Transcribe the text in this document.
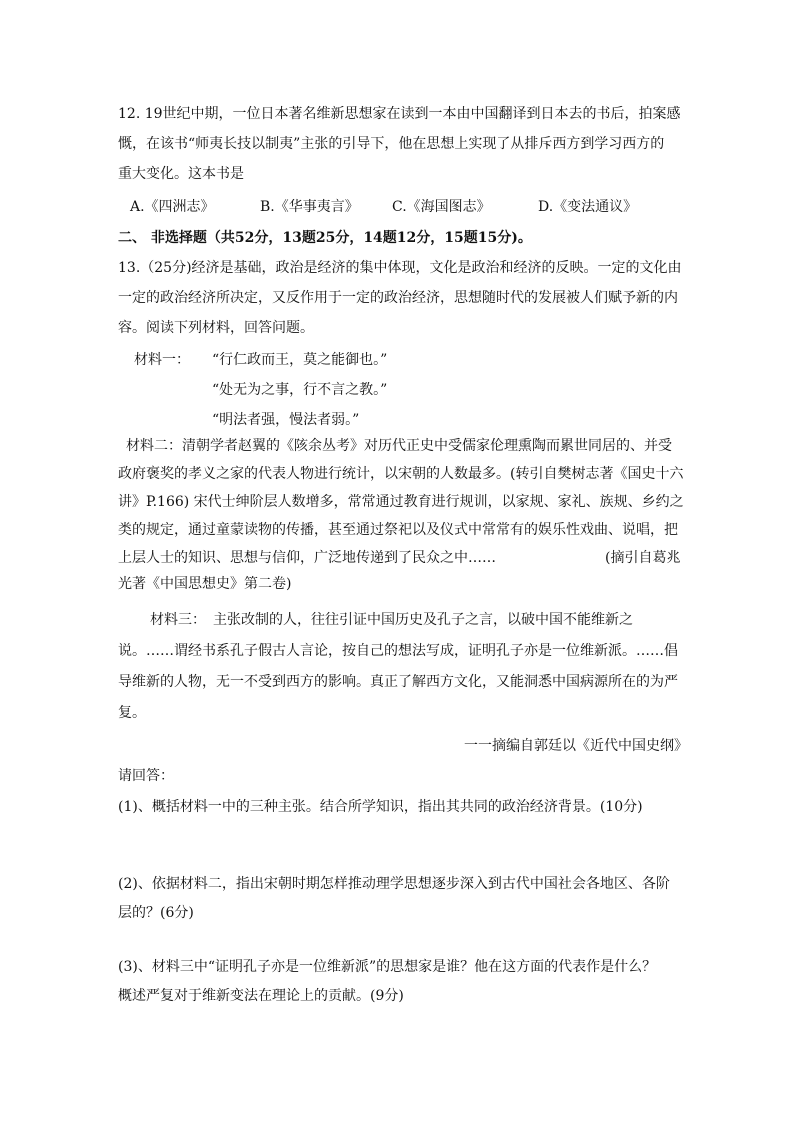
12. 19世纪中期，一位日本著名维新思想家在读到一本由中国翻译到日本去的书后，拍案感
慨，在该书“师夷长技以制夷”主张的引导下，他在思想上实现了从排斥西方到学习西方的
重大变化。这本书是
A.《四洲志》	B.《华事夷言》 C.《海国图志》	D.《变法通议》
二、 非选择题（共52分，13题25分，14题12分，15题15分)。
13.（25分)经济是基础，政治是经济的集中体现，文化是政治和经济的反映。一定的文化由
一定的政治经济所决定，又反作用于一定的政治经济，思想随时代的发展被人们赋予新的内
容。阅读下列材料，回答问题。
材料一： “行仁政而王，莫之能御也。”
“处无为之事，行不言之教。”
“明法者强，慢法者弱。”
材料二：清朝学者赵翼的《陔余丛考》对历代正史中受儒家伦理熏陶而累世同居的、并受
政府褒奖的孝义之家的代表人物进行统计，以宋朝的人数最多。(转引自樊树志著《国史十六
讲》P.166) 宋代士绅阶层人数增多，常常通过教育进行规训，以家规、家礼、族规、乡约之
类的规定，通过童蒙读物的传播，甚至通过祭祀以及仪式中常常有的娱乐性戏曲、说唱，把
上层人士的知识、思想与信仰，广泛地传递到了民众之中……	(摘引自葛兆
光著《中国思想史》第二卷)
材料三：　主张改制的人，往往引证中国历史及孔子之言，以破中国不能维新之
说。……谓经书系孔子假古人言论，按自己的想法写成，证明孔子亦是一位维新派。……倡
导维新的人物，无一不受到西方的影响。真正了解西方文化，又能洞悉中国病源所在的为严
复。
一一摘编自郭廷以《近代中国史纲》
请回答：
(1)、概括材料一中的三种主张。结合所学知识，指出其共同的政治经济背景。(10分)
(2)、依据材料二，指出宋朝时期怎样推动理学思想逐步深入到古代中国社会各地区、各阶
层的？(6分)
(3)、材料三中“证明孔子亦是一位维新派”的思想家是谁？他在这方面的代表作是什么？
概述严复对于维新变法在理论上的贡献。(9分)
